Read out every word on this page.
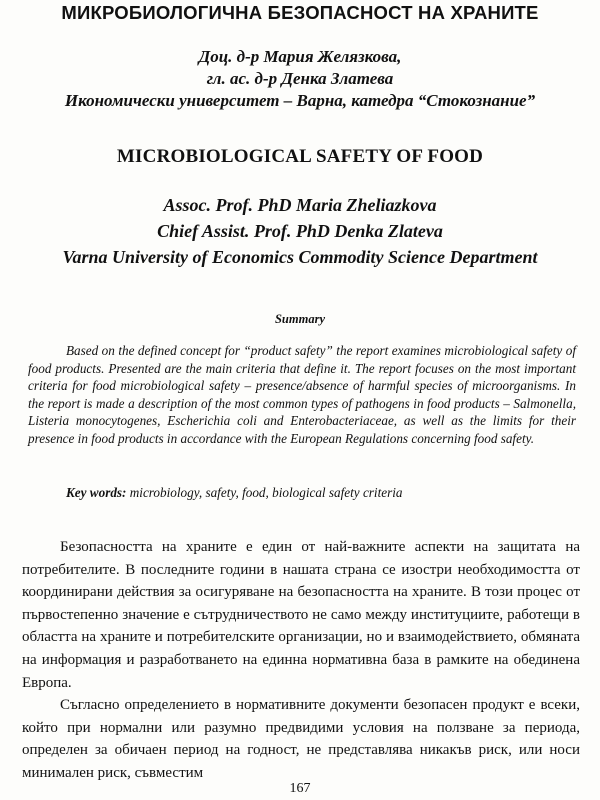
МИКРОБИОЛОГИЧНА БЕЗОПАСНОСТ НА ХРАНИТЕ
Доц. д-р Мария Желязкова,
гл. ас. д-р Денка Златева
Икономически университет – Варна, катедра “Стокознание”
MICROBIOLOGICAL SAFETY OF FOOD
Assoc. Prof. PhD Maria Zheliazkova
Chief Assist. Prof. PhD Denka Zlateva
Varna University of Economics Commodity Science Department
Summary

Based on the defined concept for “product safety” the report examines microbiological safety of food products. Presented are the main criteria that define it. The report focuses on the most important criteria for food microbiological safety – presence/absence of harmful species of microorganisms. In the report is made a description of the most common types of pathogens in food products – Salmonella, Listeria monocytogenes, Escherichia coli and Enterobacteriaceae, as well as the limits for their presence in food products in accordance with the European Regulations concerning food safety.

Key words: microbiology, safety, food, biological safety criteria

Безопасността на храните е един от най-важните аспекти на защитата на потребителите. В последните години в нашата страна се изостри необходимостта от координирани действия за осигуряване на безопасността на храните. В този процес от първостепенно значение е сътрудничеството не само между институциите, работещи в областта на храните и потребителските организации, но и взаимодействието, обмяната на информация и разработването на единна нормативна база в рамките на обединена Европа.

Съгласно определението в нормативните документи безопасен продукт е всеки, който при нормални или разумно предвидими условия на ползване за периода, определен за обичаен период на годност, не представлява никакъв риск, или носи минимален риск, съвместим

167
